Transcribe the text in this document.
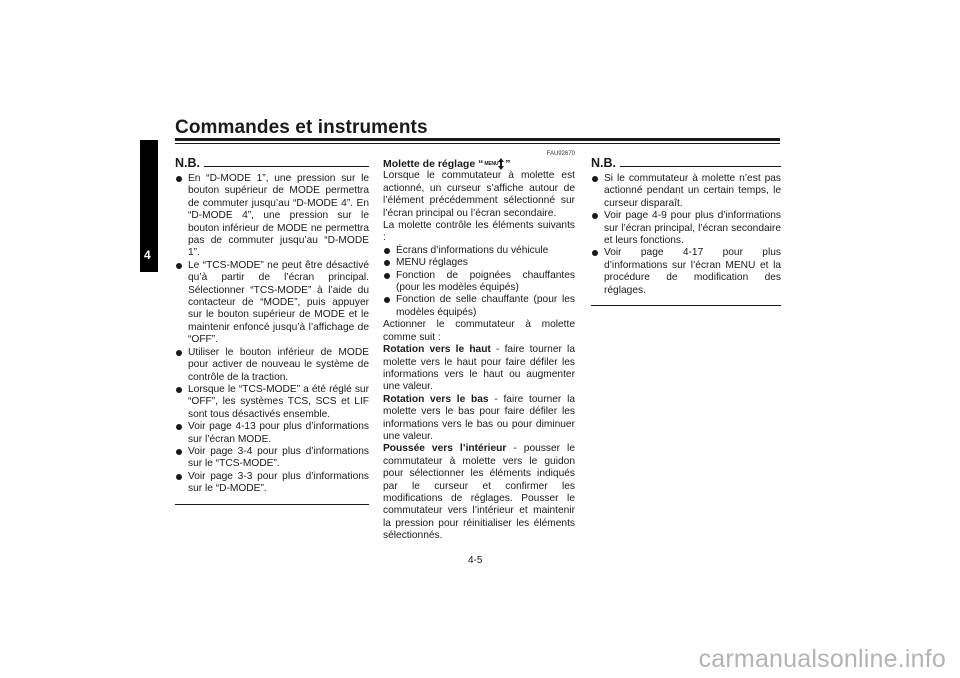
Commandes et instruments
4
N.B.
En “D-MODE 1”, une pression sur le bouton supérieur de MODE permettra de commuter jusqu’au “D-MODE 4”. En “D-MODE 4”, une pression sur le bouton inférieur de MODE ne permettra pas de commuter jusqu’au “D-MODE 1”.
Le “TCS-MODE” ne peut être désactivé qu’à partir de l’écran principal. Sélectionner “TCS-MODE” à l’aide du contacteur de “MODE”, puis appuyer sur le bouton supérieur de MODE et le maintenir enfoncé jusqu’à l’affichage de “OFF”.
Utiliser le bouton inférieur de MODE pour activer de nouveau le système de contrôle de la traction.
Lorsque le “TCS-MODE” a été réglé sur “OFF”, les systèmes TCS, SCS et LIF sont tous désactivés ensemble.
Voir page 4-13 pour plus d’informations sur l’écran MODE.
Voir page 3-4 pour plus d’informations sur le “TCS-MODE”.
Voir page 3-3 pour plus d’informations sur le “D-MODE”.
FAU92670
Molette de réglage “ MENU ”

Lorsque le commutateur à molette est actionné, un curseur s’affiche autour de l’élément précédemment sélectionné sur l’écran principal ou l’écran secondaire.

La molette contrôle les éléments suivants :

Écrans d’informations du véhicule
MENU réglages
Fonction de poignées chauffantes (pour les modèles équipés)
Fonction de selle chauffante (pour les modèles équipés)

Actionner le commutateur à molette comme suit :

Rotation vers le haut - faire tourner la molette vers le haut pour faire défiler les informations vers le haut ou augmenter une valeur.

Rotation vers le bas - faire tourner la molette vers le bas pour faire défiler les informations vers le bas ou pour diminuer une valeur.

Poussée vers l’intérieur - pousser le commutateur à molette vers le guidon pour sélectionner les éléments indiqués par le curseur et confirmer les modifications de réglages. Pousser le commutateur vers l’intérieur et maintenir la pression pour réinitialiser les éléments sélectionnés.

N.B.
Si le commutateur à molette n’est pas actionné pendant un certain temps, le curseur disparaît.
Voir page 4-9 pour plus d’informations sur l’écran principal, l’écran secondaire et leurs fonctions.
Voir page 4-17 pour plus d’informations sur l’écran MENU et la procédure de modification des réglages.
4-5
carmanualsonline.info
